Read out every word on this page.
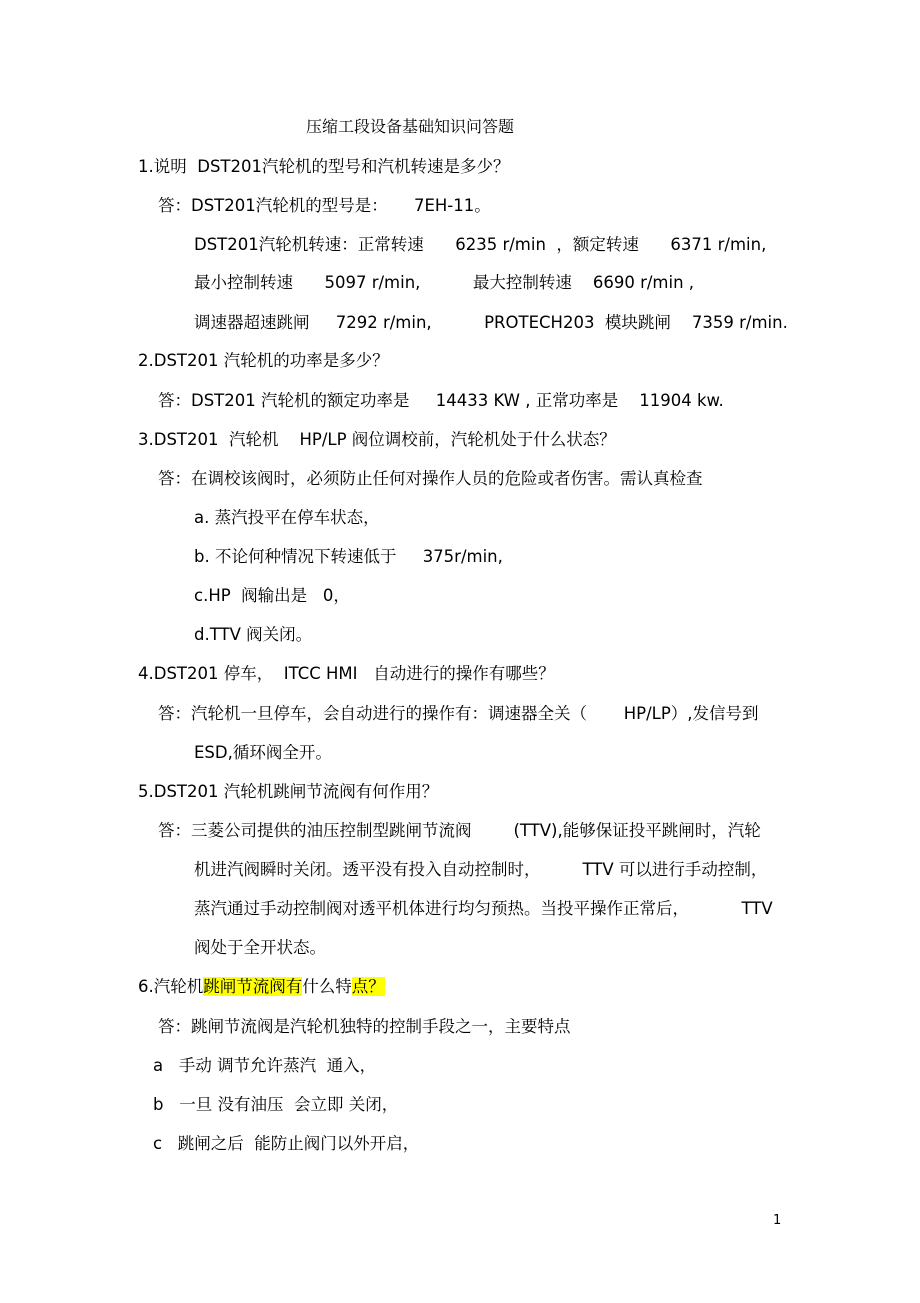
压缩工段设备基础知识问答题
1.说明  DST201汽轮机的型号和汽机转速是多少？
答：DST201汽轮机的型号是：     7EH-11。
DST201汽轮机转速：正常转速      6235 r/min  ，额定转速      6371 r/min,
最小控制转速      5097 r/min,          最大控制转速    6690 r/min ,
调速器超速跳闸     7292 r/min,          PROTECH203  模块跳闸    7359 r/min.
2.DST201 汽轮机的功率是多少？
答：DST201 汽轮机的额定功率是     14433 KW , 正常功率是    11904 kw.
3.DST201  汽轮机    HP/LP 阀位调校前，汽轮机处于什么状态？
答：在调校该阀时，必须防止任何对操作人员的危险或者伤害。需认真检查
a. 蒸汽投平在停车状态，
b. 不论何种情况下转速低于     375r/min,
c.HP  阀输出是   0，
d.TTV 阀关闭。
4.DST201 停车，  ITCC HMI   自动进行的操作有哪些？
答：汽轮机一旦停车，会自动进行的操作有：调速器全关（       HP/LP）,发信号到
ESD,循环阀全开。
5.DST201 汽轮机跳闸节流阀有何作用？
答：三菱公司提供的油压控制型跳闸节流阀        (TTV),能够保证投平跳闸时，汽轮
机进汽阀瞬时关闭。透平没有投入自动控制时，        TTV 可以进行手动控制，
蒸汽通过手动控制阀对透平机体进行均匀预热。当投平操作正常后，          TTV
阀处于全开状态。
6.汽轮机跳闸节流阀有什么特点？
答：跳闸节流阀是汽轮机独特的控制手段之一，主要特点
a   手动 调节允许蒸汽  通入，
b   一旦 没有油压  会立即 关闭，
c   跳闸之后  能防止阀门以外开启，
1
